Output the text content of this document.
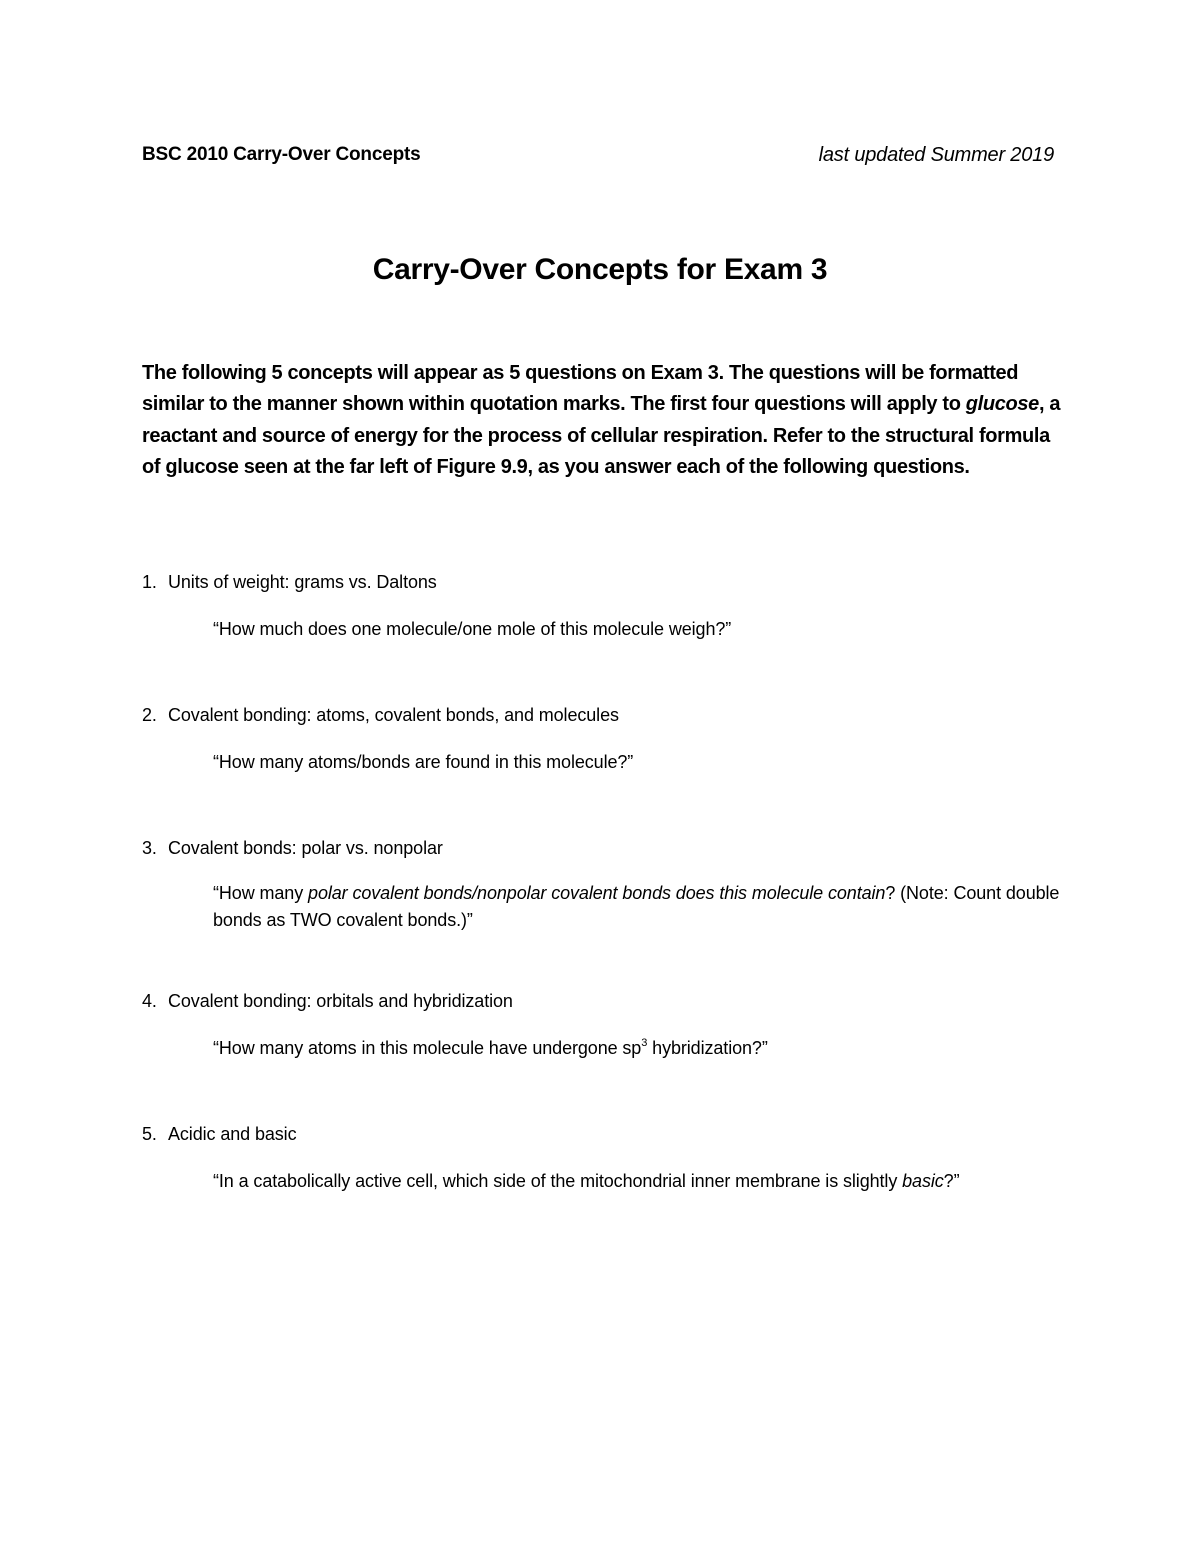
BSC 2010 Carry-Over Concepts	last updated Summer 2019
Carry-Over Concepts for Exam 3

The following 5 concepts will appear as 5 questions on Exam 3. The questions will be formatted similar to the manner shown within quotation marks. The first four questions will apply to glucose, a reactant and source of energy for the process of cellular respiration. Refer to the structural formula of glucose seen at the far left of Figure 9.9, as you answer each of the following questions.

1. Units of weight: grams vs. Daltons
“How much does one molecule/one mole of this molecule weigh?”
2. Covalent bonding: atoms, covalent bonds, and molecules
“How many atoms/bonds are found in this molecule?”
3. Covalent bonds: polar vs. nonpolar
“How many polar covalent bonds/nonpolar covalent bonds does this molecule contain? (Note: Count double bonds as TWO covalent bonds.)”
4. Covalent bonding: orbitals and hybridization
“How many atoms in this molecule have undergone $sp^3$ hybridization?”
5. Acidic and basic
“In a catabolically active cell, which side of the mitochondrial inner membrane is slightly basic?”
